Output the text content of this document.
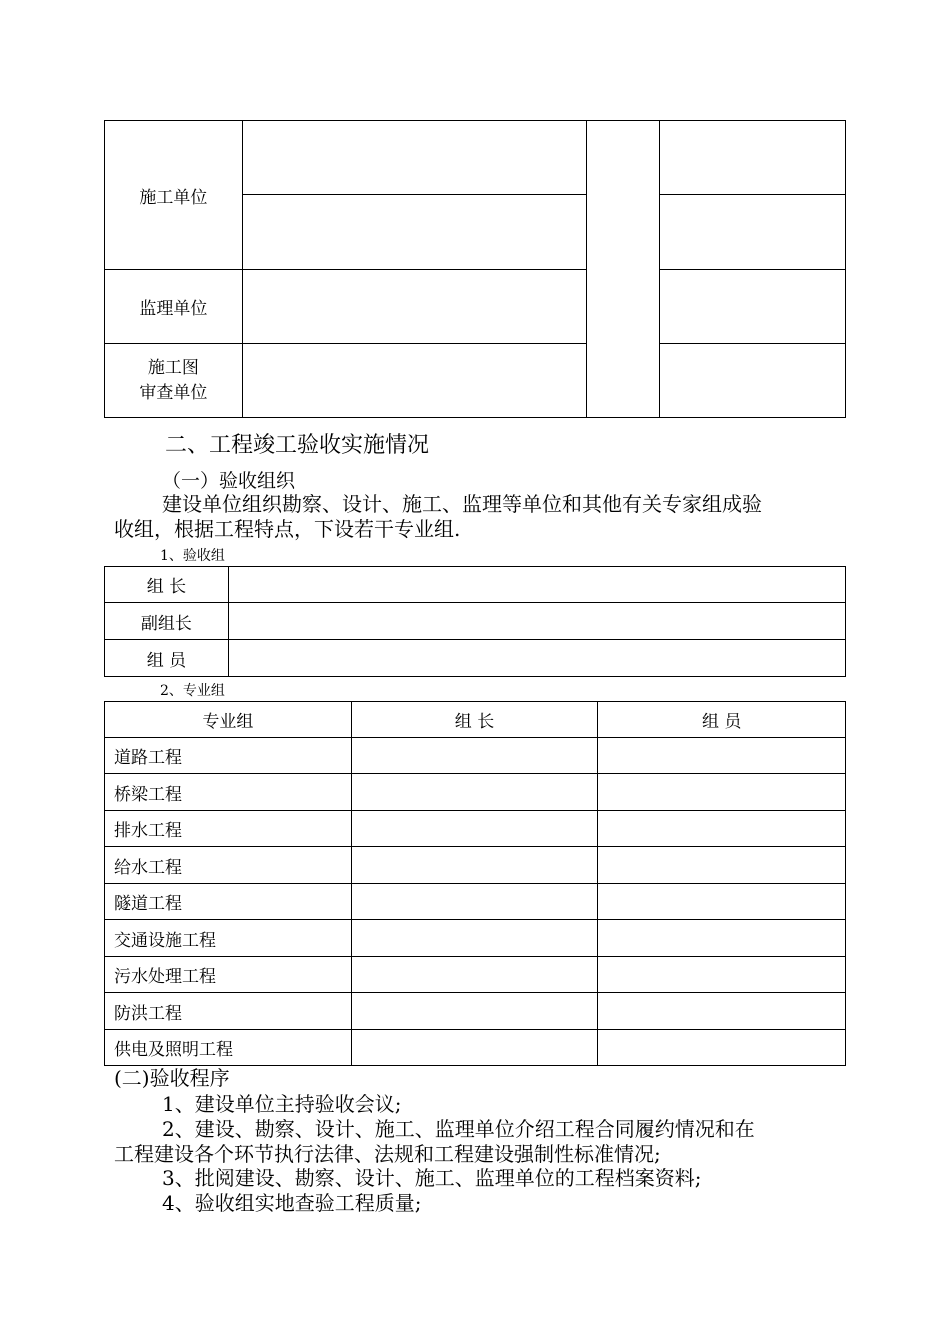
施工单位			

监理单位			

施工图
审查单位			

二、工程竣工验收实施情况
（一）验收组织
建设单位组织勘察、设计、施工、监理等单位和其他有关专家组成验
收组，根据工程特点，下设若干专业组.
1、验收组
组 长	
副组长	
组 员	
2、专业组
专业组	组 长	组 员
道路工程		
桥梁工程		
排水工程		
给水工程		
隧道工程		
交通设施工程		
污水处理工程		
防洪工程		
供电及照明工程		
(二)验收程序
1、建设单位主持验收会议;
2、建设、勘察、设计、施工、监理单位介绍工程合同履约情况和在
工程建设各个环节执行法律、法规和工程建设强制性标准情况;
3、批阅建设、勘察、设计、施工、监理单位的工程档案资料;
4、验收组实地查验工程质量;
